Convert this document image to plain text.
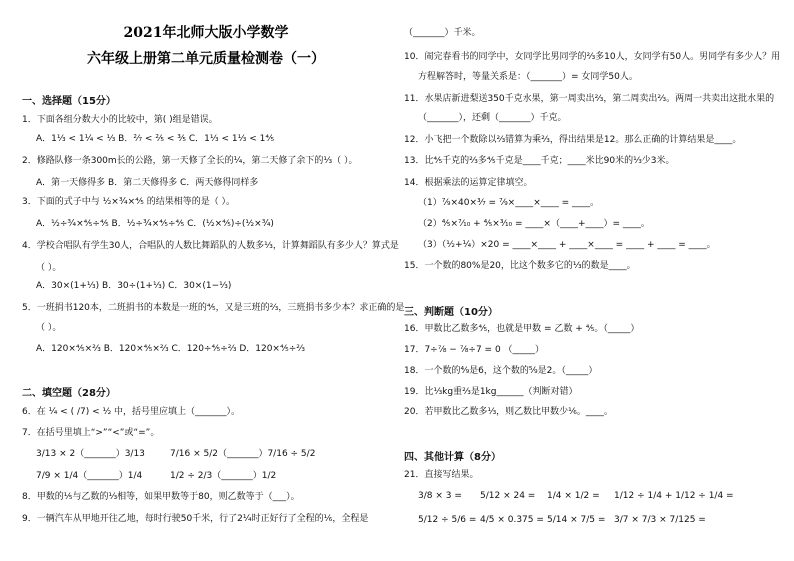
2021年北师大版小学数学
六年级上册第二单元质量检测卷（一）
一、选择题（15分）
1．下面各组分数大小的比较中，第( )组是错误。
A．1⅓ < 1¼ < ⅓ B．²⁄₇ < ²⁄₅ < ³⁄₅ C．1⅓ < 1⅓ < 1⅘
2．修路队修一条300m长的公路，第一天修了全长的¼，第二天修了余下的⅓（ ）。
A．第一天修得多 B．第二天修得多 C．两天修得同样多
3．下面的式子中与 ½×¾×⅘ 的结果相等的是（ ）。
A．½÷¾×⅘÷⅘ B．½÷¾×⅘÷⅘ C．(½×⅘)÷(½×¾)
4．学校合唱队有学生30人，合唱队的人数比舞蹈队的人数多⅓，计算舞蹈队有多少人？算式是
（ ）。
A．30×(1+⅓) B．30÷(1+⅓) C．30×(1−⅓)
5．一班捐书120本，二班捐书的本数是一班的⅘，又是三班的⅔，三班捐书多少本？求正确的是
（ ）。
A．120×⅘×⅔ B．120×⅘×⅔ C．120÷⅘÷⅔ D．120×⅘÷⅔
二、填空题（28分）
6．在 ¼ < ( /7) < ½ 中，括号里应填上（_______）。
7．在括号里填上“>”“<”或“=”。
3/13 × 2（_______）3/13	7/16 × 5/2（_______）7/16 ÷ 5/2
7/9 × 1/4（_______）1/4	1/2 ÷ 2/3（_______）1/2
8．甲数的⅕与乙数的⅓相等，如果甲数等于80，则乙数等于（___）。
9．一辆汽车从甲地开往乙地，每时行驶50千米，行了2¼时正好行了全程的⅙，全程是
（_______）千米。
10．闹完春看书的同学中，女同学比男同学的⅔多10人，女同学有50人。男同学有多少人？用
方程解答时，等量关系是：（_______）= 女同学50人。
11．水果店新进梨送350千克水果，第一周卖出⅔，第二周卖出⅔。两周一共卖出这批水果的
（_______），还剩（_______）千克。
12．小飞把一个数除以⅔错算为乘⅔，得出结果是12。那么正确的计算结果是____。
13．比⅘千克的⅔多⅘千克是____千克；____米比90米的⅓少3米。
14．根据乘法的运算定律填空。
（1）⁷⁄₉×40×³⁄₇ = ⁷⁄₉×____×____ = ____。
（2）⁴⁄₅×⁷⁄₁₀ + ⁴⁄₅×³⁄₁₀ = ____×（____+____）= ____。
（3）（½+¼）×20 = ____×____ + ____×____ = ____ + ____ = ____。
15．一个数的80%是20，比这个数多它的⅓的数是____。
三、判断题（10分）
16．甲数比乙数多⅘，也就是甲数 = 乙数 + ⅘。（_____）
17．7÷⅞ − ⅞÷7 = 0 （_____）
18．一个数的⁴⁄₉是6，这个数的⁵⁄₉是2。（_____）
19．比⅓kg重⅔是1kg______（判断对错）
20．若甲数比乙数多⅓，则乙数比甲数少⅙。____。
四、其他计算（8分）
21．直接写结果。
3/8 × 3 = 5/12 × 24 = 1/4 × 1/2 = 1/12 ÷ 1/4 + 1/12 ÷ 1/4 =
5/12 ÷ 5/6 = 4/5 × 0.375 = 5/14 × 7/5 = 3/7 × 7/3 × 7/125 =
